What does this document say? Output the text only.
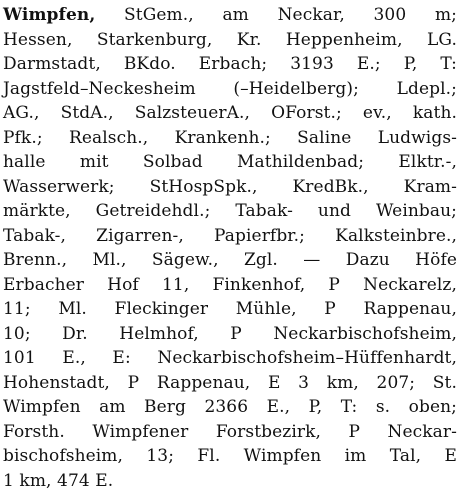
Wimpfen, StGem., am Neckar, 300 m;
Hessen, Starkenburg, Kr. Heppenheim, LG.
Darmstadt, BKdo. Erbach; 3193 E.; P, T:
Jagstfeld–Neckesheim (–Heidelberg); Ldepl.;
AG., StdA., SalzsteuerA., OForst.; ev., kath.
Pfk.; Realsch., Krankenh.; Saline Ludwigs-
halle mit Solbad Mathildenbad; Elktr.-,
Wasserwerk; StHospSpk., KredBk., Kram-
märkte, Getreidehdl.; Tabak- und Weinbau;
Tabak-, Zigarren-, Papierfbr.; Kalksteinbre.,
Brenn., Ml., Sägew., Zgl. — Dazu Höfe
Erbacher Hof 11, Finkenhof, P Neckarelz,
11; Ml. Fleckinger Mühle, P Rappenau,
10; Dr. Helmhof, P Neckarbischofsheim,
101 E., E: Neckarbischofsheim–Hüffenhardt,
Hohenstadt, P Rappenau, E 3 km, 207; St.
Wimpfen am Berg 2366 E., P, T: s. oben;
Forsth. Wimpfener Forstbezirk, P Neckar-
bischofsheim, 13; Fl. Wimpfen im Tal, E
1 km, 474 E.
